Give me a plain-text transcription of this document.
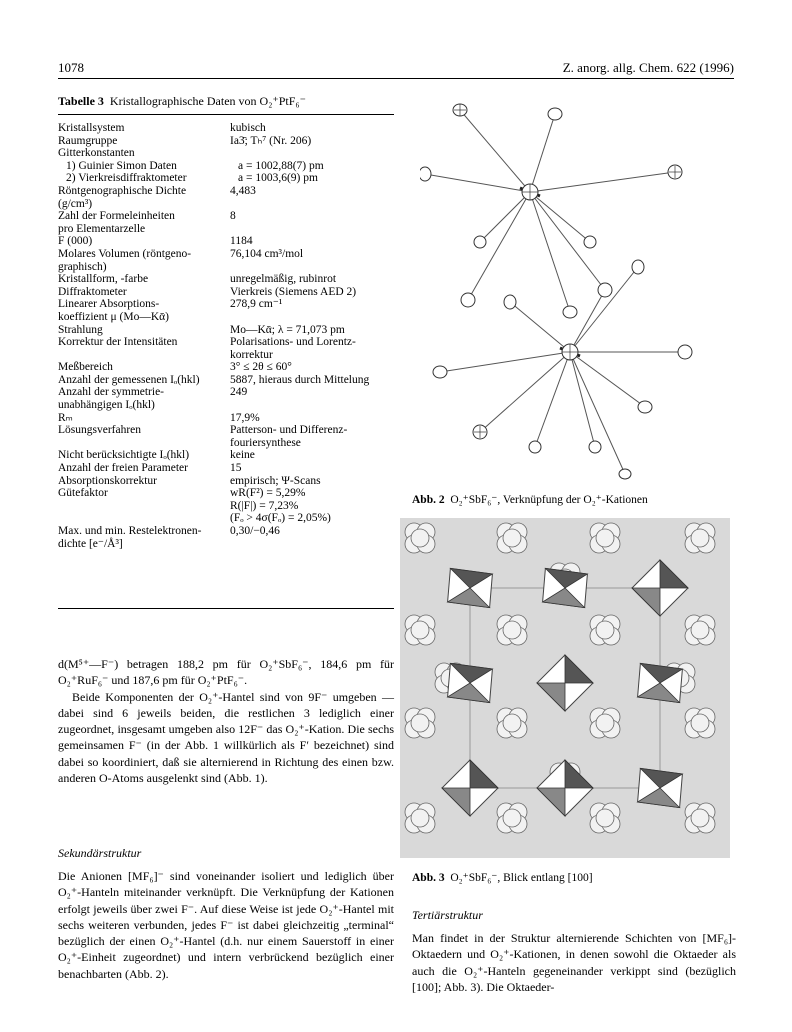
1078	Z. anorg. allg. Chem. 622 (1996)
Tabelle 3 Kristallographische Daten von O₂⁺PtF₆⁻
Kristallsystem	kubisch
Raumgruppe	Ia3̄; Tₕ⁷ (Nr. 206)
Gitterkonstanten
1) Guinier Simon Daten	a = 1002,88(7) pm
2) Vierkreisdiffraktometer	a = 1003,6(9) pm
Röntgenographische Dichte	4,483
(g/cm³)
Zahl der Formeleinheiten	8
pro Elementarzelle
F (000)	1184
Molares Volumen (röntgeno-	76,104 cm³/mol
graphisch)
Kristallform, -farbe	unregelmäßig, rubinrot
Diffraktometer	Vierkreis (Siemens AED 2)
Linearer Absorptions-	278,9 cm⁻¹
koeffizient μ (Mo—Kᾱ)
Strahlung	Mo—Kᾱ; λ = 71,073 pm
Korrektur der Intensitäten	Polarisations- und Lorentz-
korrektur
Meßbereich	3° ≤ 2θ ≤ 60°
Anzahl der gemessenen Iₒ(hkl)	5887, hieraus durch Mittelung
Anzahl der symmetrie-	249
unabhängigen Iₒ(hkl)
Rₘ	17,9%
Lösungsverfahren	Patterson- und Differenz-
fouriersynthese
Nicht berücksichtigte Iₒ(hkl)	keine
Anzahl der freien Parameter	15
Absorptionskorrektur	empirisch; Ψ-Scans
Gütefaktor	wR(F²) = 5,29%
R(|F|) = 7,23%
(Fₒ > 4σ(Fₒ) = 2,05%)
Max. und min. Restelektronen-	0,30/−0,46
dichte [e⁻/Å³]

d(M⁵⁺—F⁻) betragen 188,2 pm für O₂⁺SbF₆⁻, 184,6 pm für O₂⁺RuF₆⁻ und 187,6 pm für O₂⁺PtF₆⁻.

Beide Komponenten der O₂⁺-Hantel sind von 9F⁻ umgeben — dabei sind 6 jeweils beiden, die restlichen 3 lediglich einer zugeordnet, insgesamt umgeben also 12F⁻ das O₂⁺-Kation. Die sechs gemeinsamen F⁻ (in der Abb. 1 willkürlich als F′ bezeichnet) sind dabei so koordiniert, daß sie alternierend in Richtung des einen bzw. anderen O-Atoms ausgelenkt sind (Abb. 1).

Sekundärstruktur

Die Anionen [MF₆]⁻ sind voneinander isoliert und lediglich über O₂⁺-Hanteln miteinander verknüpft. Die Verknüpfung der Kationen erfolgt jeweils über zwei F⁻. Auf diese Weise ist jede O₂⁺-Hantel mit sechs weiteren verbunden, jedes F⁻ ist dabei gleichzeitig „terminal“ bezüglich der einen O₂⁺-Hantel (d.h. nur einem Sauerstoff in einer O₂⁺-Einheit zugeordnet) und intern verbrückend bezüglich einer benachbarten (Abb. 2).

Abb. 2 O₂⁺SbF₆⁻, Verknüpfung der O₂⁺-Kationen
Abb. 3 O₂⁺SbF₆⁻, Blick entlang [100]
Tertiärstruktur

Man findet in der Struktur alternierende Schichten von [MF₆]-Oktaedern und O₂⁺-Kationen, in denen sowohl die Oktaeder als auch die O₂⁺-Hanteln gegeneinander verkippt sind (bezüglich [100]; Abb. 3). Die Oktaeder-
